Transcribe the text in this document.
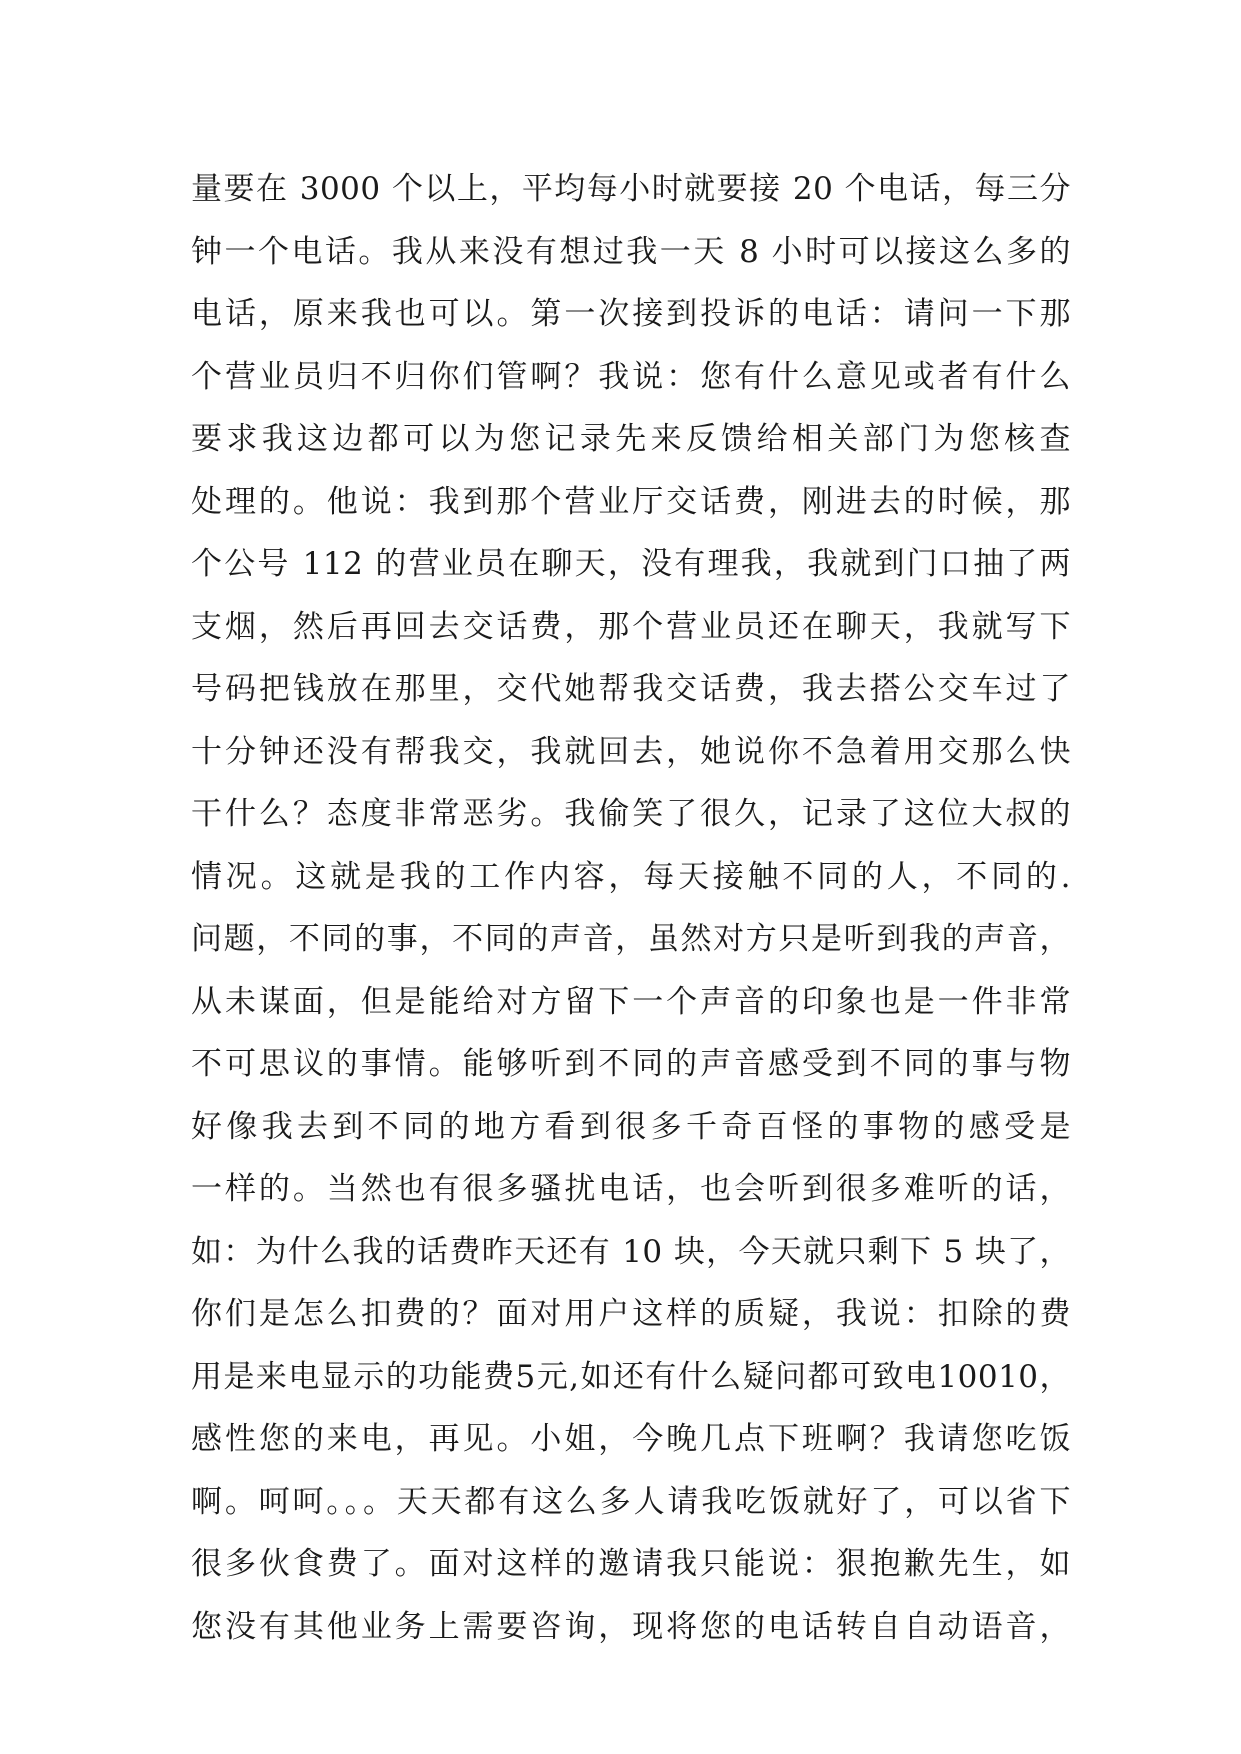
量要在 3000 个以上，平均每小时就要接 20 个电话，每三分
钟一个电话。我从来没有想过我一天 8 小时可以接这么多的
电话，原来我也可以。第一次接到投诉的电话：请问一下那
个营业员归不归你们管啊？我说：您有什么意见或者有什么
要求我这边都可以为您记录先来反馈给相关部门为您核查
处理的。他说：我到那个营业厅交话费，刚进去的时候，那
个公号 112 的营业员在聊天，没有理我，我就到门口抽了两
支烟，然后再回去交话费，那个营业员还在聊天，我就写下
号码把钱放在那里，交代她帮我交话费，我去搭公交车过了
十分钟还没有帮我交，我就回去，她说你不急着用交那么快
干什么？态度非常恶劣。我偷笑了很久，记录了这位大叔的
情况。这就是我的工作内容，每天接触不同的人，不同的.
问题，不同的事，不同的声音，虽然对方只是听到我的声音，
从未谋面，但是能给对方留下一个声音的印象也是一件非常
不可思议的事情。能够听到不同的声音感受到不同的事与物
好像我去到不同的地方看到很多千奇百怪的事物的感受是
一样的。当然也有很多骚扰电话，也会听到很多难听的话，
如：为什么我的话费昨天还有 10 块，今天就只剩下 5 块了，
你们是怎么扣费的？面对用户这样的质疑，我说：扣除的费
用是来电显示的功能费5元,如还有什么疑问都可致电10010，
感性您的来电，再见。小姐，今晚几点下班啊？我请您吃饭
啊。呵呵。。。天天都有这么多人请我吃饭就好了，可以省下
很多伙食费了。面对这样的邀请我只能说：狠抱歉先生，如
您没有其他业务上需要咨询，现将您的电话转自自动语音，
